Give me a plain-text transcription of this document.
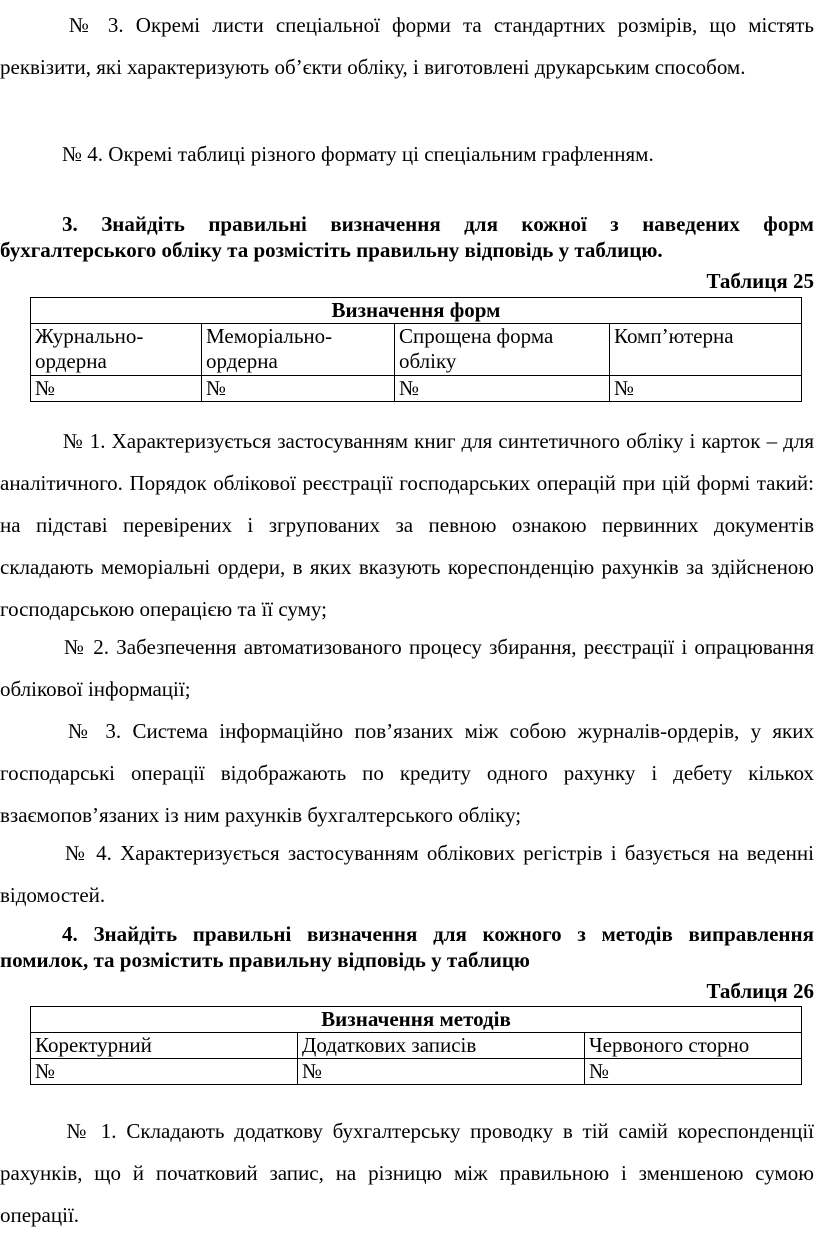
№ 3. Окремі листи спеціальної форми та стандартних розмірів, що містять реквізити, які характеризують об’єкти обліку, і виготовлені друкарським способом.

№ 4. Окремі таблиці різного формату ці спеціальним графленням.

3. Знайдіть правильні визначення для кожної з наведених форм бухгалтерського обліку та розмістіть правильну відповідь у таблицю.

Таблиця 25
Визначення форм			
Журнально-ордерна	Меморіально-ордерна	Спрощена форма обліку	Комп’ютерна
№	№	№	№

№ 1. Характеризується застосуванням книг для синтетичного обліку і карток – для аналітичного. Порядок облікової реєстрації господарських операцій при цій формі такий: на підставі перевірених і згрупованих за певною ознакою первинних документів складають меморіальні ордери, в яких вказують кореспонденцію рахунків за здійсненою господарською операцією та її суму;

№ 2. Забезпечення автоматизованого процесу збирання, реєстрації і опрацювання облікової інформації;

№ 3. Система інформаційно пов’язаних між собою журналів-ордерів, у яких господарські операції відображають по кредиту одного рахунку і дебету кількох взаємопов’язаних із ним рахунків бухгалтерського обліку;

№ 4. Характеризується застосуванням облікових регістрів і базується на веденні відомостей.

4. Знайдіть правильні визначення для кожного з методів виправлення помилок, та розмістить правильну відповідь у таблицю

Таблиця 26
Визначення методів		
Коректурний	Додаткових записів	Червоного сторно
№	№	№

№ 1. Складають додаткову бухгалтерську проводку в тій самій кореспонденції рахунків, що й початковий запис, на різницю між правильною і зменшеною сумою операції.
